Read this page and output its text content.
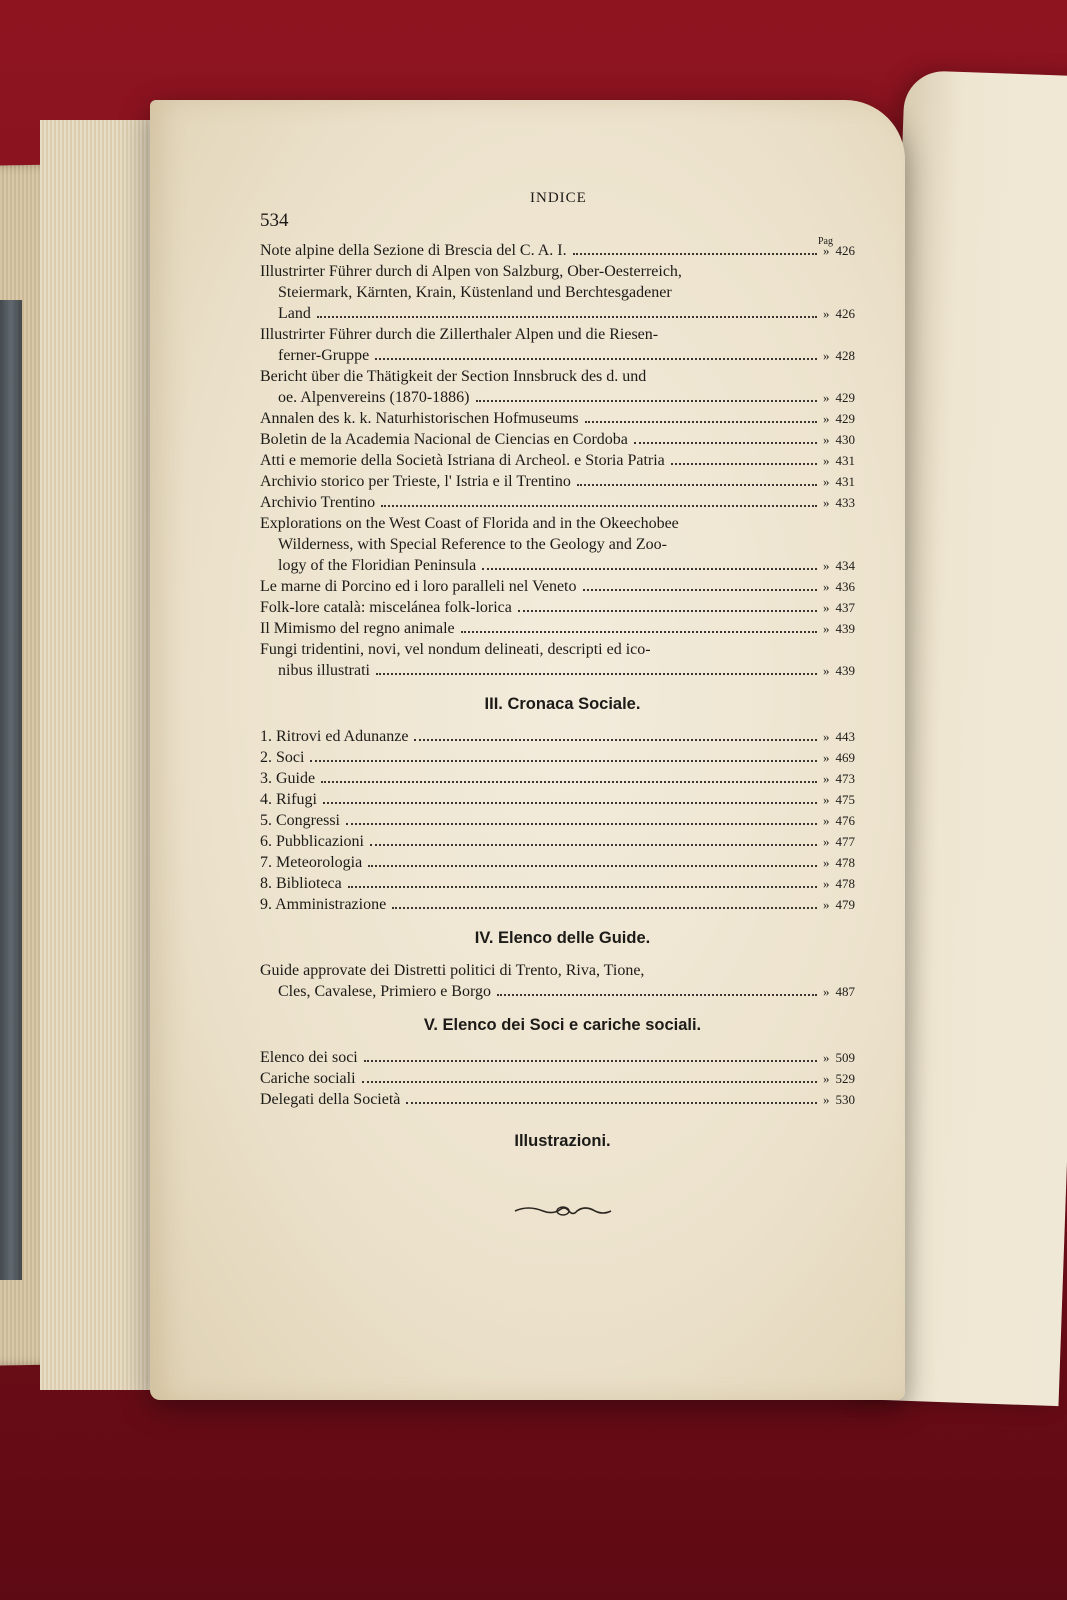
534
INDICE
Pag
Note alpine della Sezione di Brescia del C. A. I.	» 426
Illustrirter Führer durch di Alpen von Salzburg, Ober-Oesterreich,
Steiermark, Kärnten, Krain, Küstenland und Berchtesgadener
Land	» 426
Illustrirter Führer durch die Zillerthaler Alpen und die Riesen-
ferner-Gruppe	» 428
Bericht über die Thätigkeit der Section Innsbruck des d. und
oe. Alpenvereins (1870-1886)	» 429
Annalen des k. k. Naturhistorischen Hofmuseums	» 429
Boletin de la Academia Nacional de Ciencias en Cordoba	» 430
Atti e memorie della Società Istriana di Archeol. e Storia Patria	» 431
Archivio storico per Trieste, l' Istria e il Trentino	» 431
Archivio Trentino	» 433
Explorations on the West Coast of Florida and in the Okeechobee
Wilderness, with Special Reference to the Geology and Zoo-
logy of the Floridian Peninsula	» 434
Le marne di Porcino ed i loro paralleli nel Veneto	» 436
Folk-lore català: miscelánea folk-lorica	» 437
Il Mimismo del regno animale	» 439
Fungi tridentini, novi, vel nondum delineati, descripti ed ico-
nibus illustrati	» 439
III. Cronaca Sociale.
1. Ritrovi ed Adunanze	» 443
2. Soci	» 469
3. Guide	» 473
4. Rifugi	» 475
5. Congressi	» 476
6. Pubblicazioni	» 477
7. Meteorologia	» 478
8. Biblioteca	» 478
9. Amministrazione	» 479
IV. Elenco delle Guide.
Guide approvate dei Distretti politici di Trento, Riva, Tione,
Cles, Cavalese, Primiero e Borgo	» 487
V. Elenco dei Soci e cariche sociali.
Elenco dei soci	» 509
Cariche sociali	» 529
Delegati della Società	» 530
Illustrazioni.
